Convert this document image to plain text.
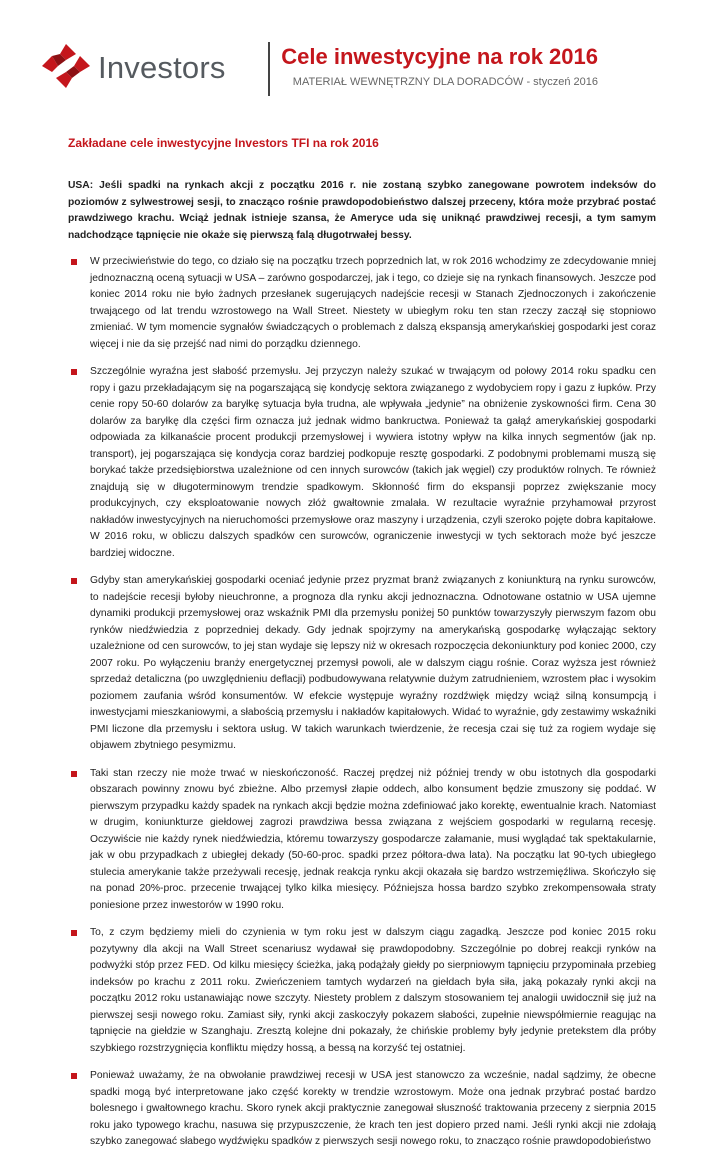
Investors	Cele inwestycyjne na rok 2016
MATERIAŁ WEWNĘTRZNY DLA DORADCÓW - styczeń 2016
Zakładane cele inwestycyjne Investors TFI na rok 2016

USA: Jeśli spadki na rynkach akcji z początku 2016 r. nie zostaną szybko zanegowane powrotem indeksów do poziomów z sylwestrowej sesji, to znacząco rośnie prawdopodobieństwo dalszej przeceny, która może przybrać postać prawdziwego krachu. Wciąż jednak istnieje szansa, że Ameryce uda się uniknąć prawdziwej recesji, a tym samym nadchodzące tąpnięcie nie okaże się pierwszą falą długotrwałej bessy.

W przeciwieństwie do tego, co działo się na początku trzech poprzednich lat, w rok 2016 wchodzimy ze zdecydowanie mniej jednoznaczną oceną sytuacji w USA – zarówno gospodarczej, jak i tego, co dzieje się na rynkach finansowych. Jeszcze pod koniec 2014 roku nie było żadnych przesłanek sugerujących nadejście recesji w Stanach Zjednoczonych i zakończenie trwającego od lat trendu wzrostowego na Wall Street. Niestety w ubiegłym roku ten stan rzeczy zaczął się stopniowo zmieniać. W tym momencie sygnałów świadczących o problemach z dalszą ekspansją amerykańskiej gospodarki jest coraz więcej i nie da się przejść nad nimi do porządku dziennego.
Szczególnie wyraźna jest słabość przemysłu. Jej przyczyn należy szukać w trwającym od połowy 2014 roku spadku cen ropy i gazu przekładającym się na pogarszającą się kondycję sektora związanego z wydobyciem ropy i gazu z łupków. Przy cenie ropy 50-60 dolarów za baryłkę sytuacja była trudna, ale wpływała „jedynie” na obniżenie zyskowności firm. Cena 30 dolarów za baryłkę dla części firm oznacza już jednak widmo bankructwa. Ponieważ ta gałąź amerykańskiej gospodarki odpowiada za kilkanaście procent produkcji przemysłowej i wywiera istotny wpływ na kilka innych segmentów (jak np. transport), jej pogarszająca się kondycja coraz bardziej podkopuje resztę gospodarki. Z podobnymi problemami muszą się borykać także przedsiębiorstwa uzależnione od cen innych surowców (takich jak węgiel) czy produktów rolnych. Te również znajdują się w długoterminowym trendzie spadkowym. Skłonność firm do ekspansji poprzez zwiększanie mocy produkcyjnych, czy eksploatowanie nowych złóż gwałtownie zmalała. W rezultacie wyraźnie przyhamował przyrost nakładów inwestycyjnych na nieruchomości przemysłowe oraz maszyny i urządzenia, czyli szeroko pojęte dobra kapitałowe. W 2016 roku, w obliczu dalszych spadków cen surowców, ograniczenie inwestycji w tych sektorach może być jeszcze bardziej widoczne.
Gdyby stan amerykańskiej gospodarki oceniać jedynie przez pryzmat branż związanych z koniunkturą na rynku surowców, to nadejście recesji byłoby nieuchronne, a prognoza dla rynku akcji jednoznaczna. Odnotowane ostatnio w USA ujemne dynamiki produkcji przemysłowej oraz wskaźnik PMI dla przemysłu poniżej 50 punktów towarzyszyły pierwszym fazom obu rynków niedźwiedzia z poprzedniej dekady. Gdy jednak spojrzymy na amerykańską gospodarkę wyłączając sektory uzależnione od cen surowców, to jej stan wydaje się lepszy niż w okresach rozpoczęcia dekoniunktury pod koniec 2000, czy 2007 roku. Po wyłączeniu branży energetycznej przemysł powoli, ale w dalszym ciągu rośnie. Coraz wyższa jest również sprzedaż detaliczna (po uwzględnieniu deflacji) podbudowywana relatywnie dużym zatrudnieniem, wzrostem płac i wysokim poziomem zaufania wśród konsumentów. W efekcie występuje wyraźny rozdźwięk między wciąż silną konsumpcją i inwestycjami mieszkaniowymi, a słabością przemysłu i nakładów kapitałowych. Widać to wyraźnie, gdy zestawimy wskaźniki PMI liczone dla przemysłu i sektora usług. W takich warunkach twierdzenie, że recesja czai się tuż za rogiem wydaje się objawem zbytniego pesymizmu.
Taki stan rzeczy nie może trwać w nieskończoność. Raczej prędzej niż później trendy w obu istotnych dla gospodarki obszarach powinny znowu być zbieżne. Albo przemysł złapie oddech, albo konsument będzie zmuszony się poddać. W pierwszym przypadku każdy spadek na rynkach akcji będzie można zdefiniować jako korektę, ewentualnie krach. Natomiast w drugim, koniunkturze giełdowej zagrozi prawdziwa bessa związana z wejściem gospodarki w regularną recesję. Oczywiście nie każdy rynek niedźwiedzia, któremu towarzyszy gospodarcze załamanie, musi wyglądać tak spektakularnie, jak w obu przypadkach z ubiegłej dekady (50-60-proc. spadki przez półtora-dwa lata). Na początku lat 90-tych ubiegłego stulecia amerykanie także przeżywali recesję, jednak reakcja rynku akcji okazała się bardzo wstrzemięźliwa. Skończyło się na ponad 20%-proc. przecenie trwającej tylko kilka miesięcy. Późniejsza hossa bardzo szybko zrekompensowała straty poniesione przez inwestorów w 1990 roku.
To, z czym będziemy mieli do czynienia w tym roku jest w dalszym ciągu zagadką. Jeszcze pod koniec 2015 roku pozytywny dla akcji na Wall Street scenariusz wydawał się prawdopodobny. Szczególnie po dobrej reakcji rynków na podwyżki stóp przez FED. Od kilku miesięcy ścieżka, jaką podążały giełdy po sierpniowym tąpnięciu przypominała przebieg indeksów po krachu z 2011 roku. Zwieńczeniem tamtych wydarzeń na giełdach była siła, jaką pokazały rynki akcji na początku 2012 roku ustanawiając nowe szczyty. Niestety problem z dalszym stosowaniem tej analogii uwidocznił się już na pierwszej sesji nowego roku. Zamiast siły, rynki akcji zaskoczyły pokazem słabości, zupełnie niewspółmiernie reagując na tąpnięcie na giełdzie w Szanghaju. Zresztą kolejne dni pokazały, że chińskie problemy były jedynie pretekstem dla próby szybkiego rozstrzygnięcia konfliktu między hossą, a bessą na korzyść tej ostatniej.
Ponieważ uważamy, że na obwołanie prawdziwej recesji w USA jest stanowczo za wcześnie, nadal sądzimy, że obecne spadki mogą być interpretowane jako część korekty w trendzie wzrostowym. Może ona jednak przybrać postać bardzo bolesnego i gwałtownego krachu. Skoro rynek akcji praktycznie zanegował słuszność traktowania przeceny z sierpnia 2015 roku jako typowego krachu, nasuwa się przypuszczenie, że krach ten jest dopiero przed nami. Jeśli rynki akcji nie zdołają szybko zanegować słabego wydźwięku spadków z pierwszych sesji nowego roku, to znacząco rośnie prawdopodobieństwo
